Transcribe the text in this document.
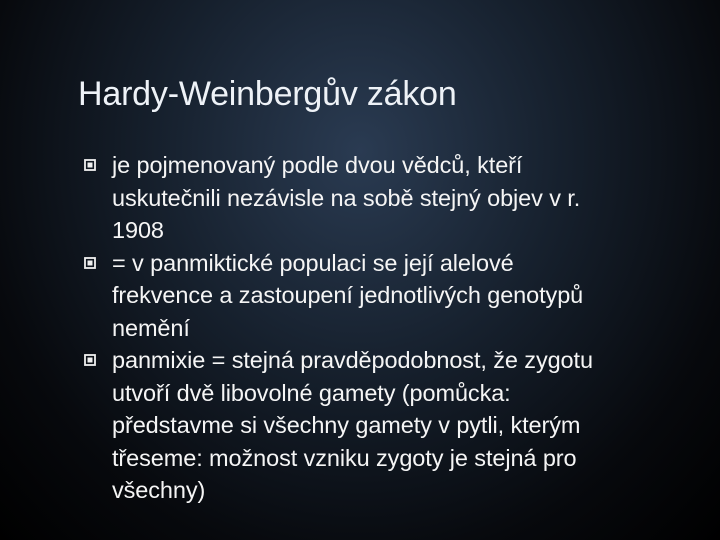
Hardy-Weinbergův zákon
je pojmenovaný podle dvou vědců, kteří
uskutečnili nezávisle na sobě stejný objev v r.
1908
= v panmiktické populaci se její alelové
frekvence a zastoupení jednotlivých genotypů
nemění
panmixie = stejná pravděpodobnost, že zygotu
utvoří dvě libovolné gamety (pomůcka:
představme si všechny gamety v pytli, kterým
třeseme: možnost vzniku zygoty je stejná pro
všechny)
